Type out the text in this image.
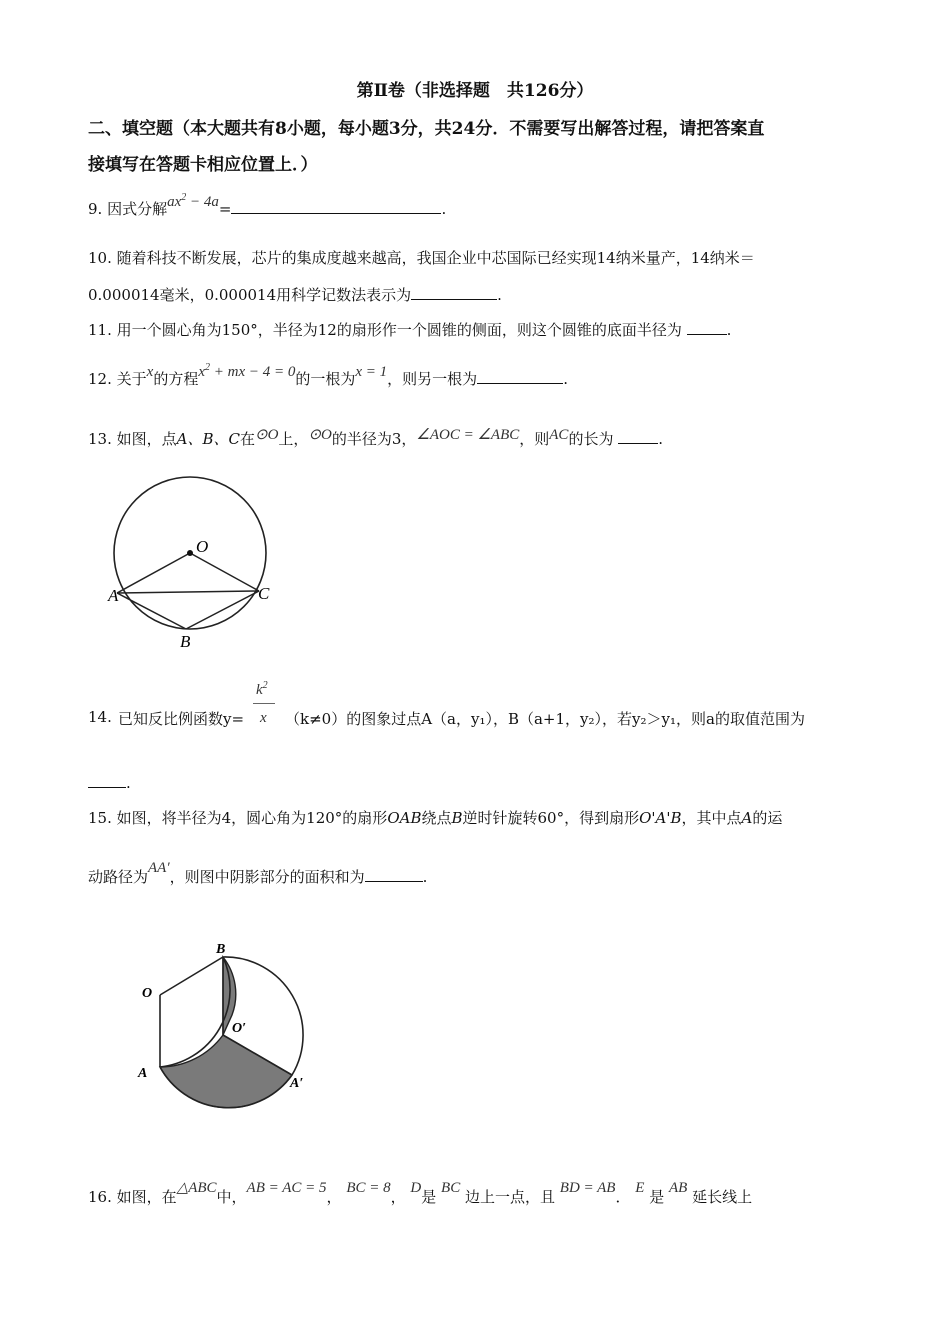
第Ⅱ卷（非选择题　共126分）
二、填空题（本大题共有8小题，每小题3分，共24分．不需要写出解答过程，请把答案直
接填写在答题卡相应位置上．）
9. 因式分解$ax^2 - 4a=$	.
10. 随着科技不断发展，芯片的集成度越来越高，我国企业中芯国际已经实现14纳米量产，14纳米＝
0.000014毫米，0.000014用科学记数法表示为	.
11. 用一个圆心角为150°，半径为12的扇形作一个圆锥的侧面，则这个圆锥的底面半径为	.
12. 关于x的方程$x^2$ + mx − 4 = 0的一根为x = 1，则另一根为	.
13. 如图，点A、B、C在⊙O上，⊙O的半径为3，∠AOC = ∠ABC，则AC的长为	.
O
A
B
C
14. 已知反比例函数y=
$k^2$
x （k≠0）的图象过点A（a，y₁），B（a+1，y₂），若y₂＞y₁，则a的取值范围为
.
15. 如图，将半径为4，圆心角为120°的扇形OAB绕点B逆时针旋转60°，得到扇形O'A'B，其中点A的运
动路径为AA′，则图中阴影部分的面积和为	.
B
O
O′
A
A′
16. 如图，在△ABC中，AB = AC = 5， BC = 8， D是 BC 边上一点，且 BD = AB． E 是 AB 延长线上
